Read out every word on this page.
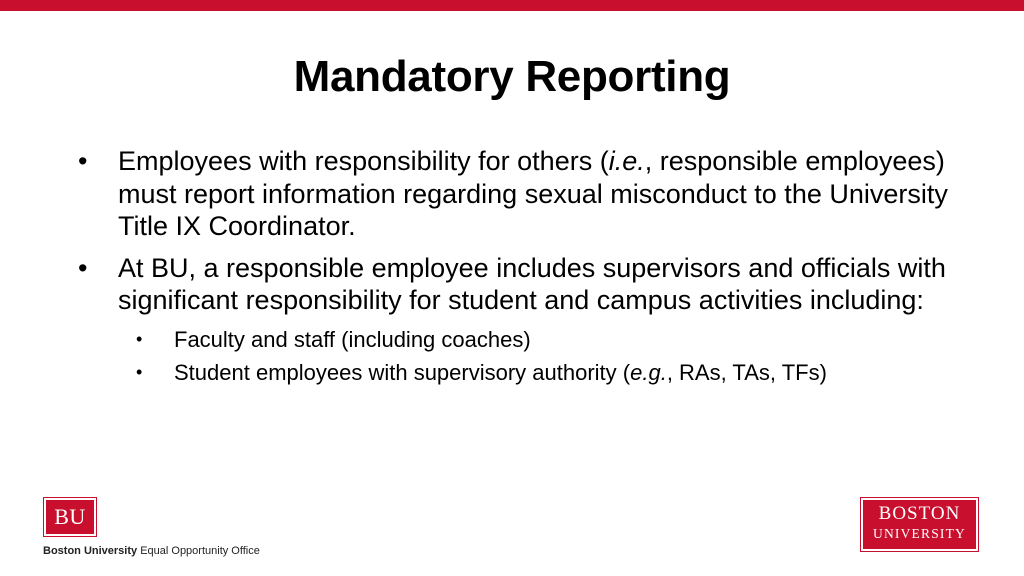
Mandatory Reporting

• Employees with responsibility for others (i.e., responsible employees) must report information regarding sexual misconduct to the University Title IX Coordinator.

• At BU, a responsible employee includes supervisors and officials with significant responsibility for student and campus activities including:

• Faculty and staff (including coaches)

• Student employees with supervisory authority (e.g., RAs, TAs, TFs)

BU
Boston University Equal Opportunity Office
BOSTON
UNIVERSITY
